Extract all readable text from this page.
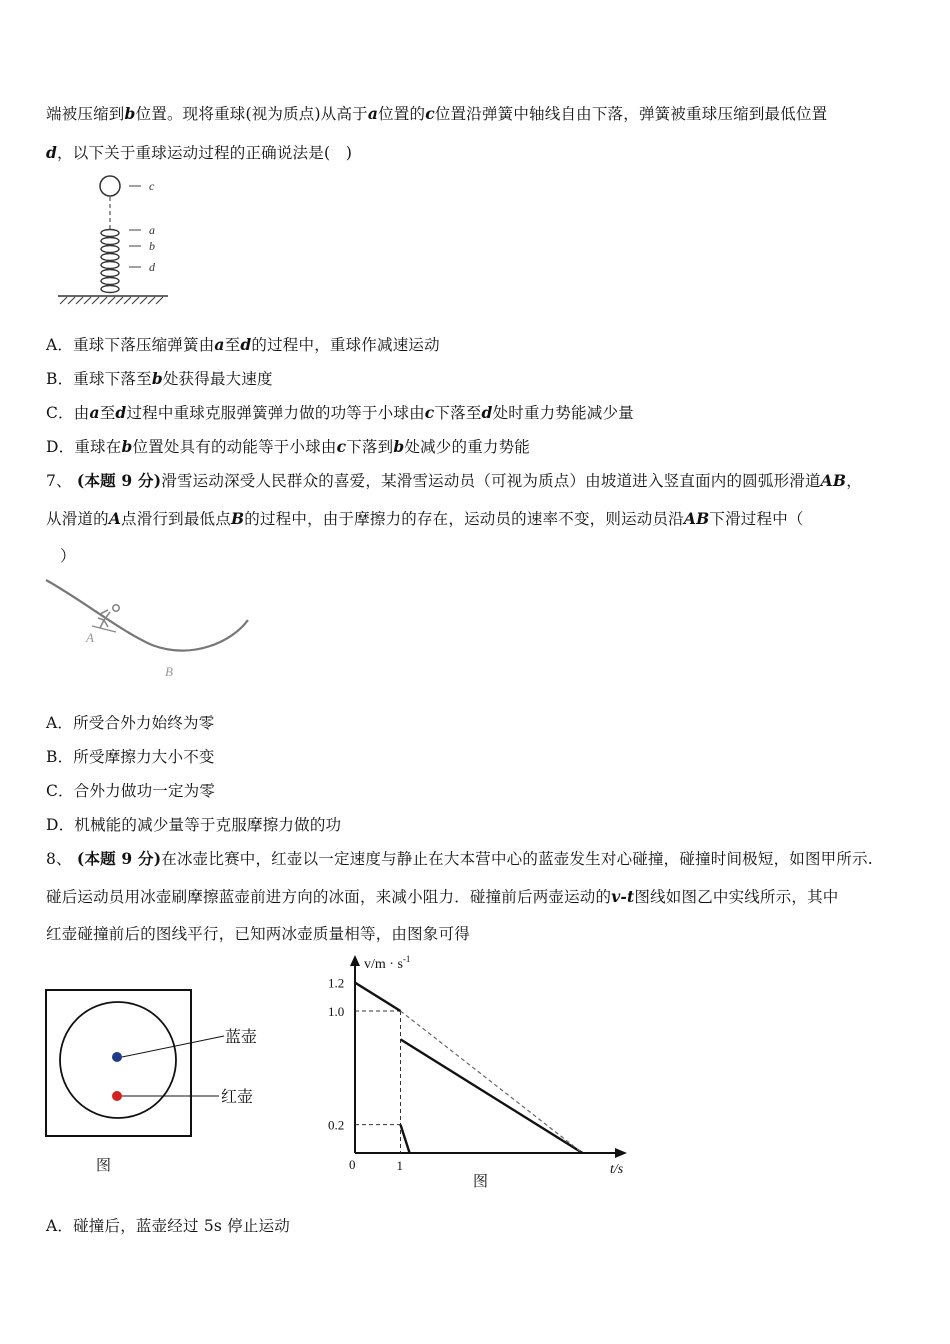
端被压缩到b位置。现将重球(视为质点)从高于a位置的c位置沿弹簧中轴线自由下落，弹簧被重球压缩到最低位置
d，以下关于重球运动过程的正确说法是(　)
c
a
b
d
A．重球下落压缩弹簧由a至d的过程中，重球作减速运动
B．重球下落至b处获得最大速度
C．由a至d过程中重球克服弹簧弹力做的功等于小球由c下落至d处时重力势能减少量
D．重球在b位置处具有的动能等于小球由c下落到b处减少的重力势能
7、 (本题 9 分)滑雪运动深受人民群众的喜爱，某滑雪运动员（可视为质点）由坡道进入竖直面内的圆弧形滑道AB，
从滑道的A点滑行到最低点B的过程中，由于摩擦力的存在，运动员的速率不变，则运动员沿AB下滑过程中（
）
A
B
A．所受合外力始终为零
B．所受摩擦力大小不变
C．合外力做功一定为零
D．机械能的减少量等于克服摩擦力做的功
8、 (本题 9 分)在冰壶比赛中，红壶以一定速度与静止在大本营中心的蓝壶发生对心碰撞，碰撞时间极短，如图甲所示.
碰后运动员用冰壶刷摩擦蓝壶前进方向的冰面，来减小阻力．碰撞前后两壶运动的v-t图线如图乙中实线所示，其中
红壶碰撞前后的图线平行，已知两冰壶质量相等，由图象可得
蓝壶
红壶
图
$v/m \cdot s^{-1}$
t/s
0
1.2
1.0
0.2
1
图
A．碰撞后，蓝壶经过 5s 停止运动
